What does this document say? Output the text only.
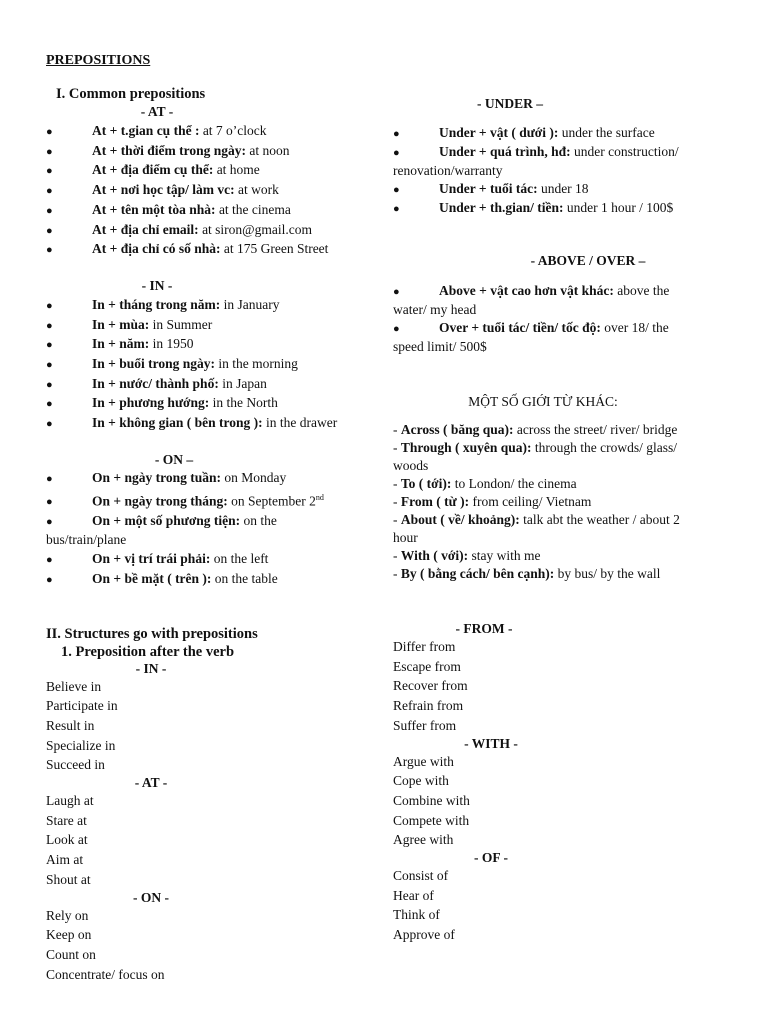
PREPOSITIONS
I. Common prepositions
- AT -
●	At + t.gian cụ thể : at 7 o’clock
●	At + thời điểm trong ngày: at noon
●	At + địa điểm cụ thể: at home
●	At + nơi học tập/ làm vc: at work
●	At + tên một tòa nhà: at the cinema
●	At + địa chỉ email: at siron@gmail.com
●	At + địa chỉ có số nhà: at 175 Green Street
- IN -
●	In + tháng trong năm: in January
●	In + mùa: in Summer
●	In + năm: in 1950
●	In + buổi trong ngày: in the morning
●	In + nước/ thành phố: in Japan
●	In + phương hướng: in the North
●	In + không gian ( bên trong ): in the drawer
- ON –
●	On + ngày trong tuần: on Monday
●	On + ngày trong tháng: on September 2nd
●	On + một số phương tiện: on the
bus/train/plane
●	On + vị trí trái phải: on the left
●	On + bề mặt ( trên ): on the table
II. Structures go with prepositions
1. Preposition after the verb
- IN -
Believe in
Participate in
Result in
Specialize in
Succeed in
- AT -
Laugh at
Stare at
Look at
Aim at
Shout at
- ON -
Rely on
Keep on
Count on
Concentrate/ focus on
- UNDER –
●	Under + vật ( dưới ): under the surface
●	Under + quá trình, hđ: under construction/
renovation/warranty
●	Under + tuổi tác: under 18
●	Under + th.gian/ tiền: under 1 hour / 100$
- ABOVE / OVER –
●	Above + vật cao hơn vật khác: above the
water/ my head
●	Over + tuổi tác/ tiền/ tốc độ: over 18/ the
speed limit/ 500$
MỘT SỐ GIỚI TỪ KHÁC:
- Across ( băng qua): across the street/ river/ bridge
- Through ( xuyên qua): through the crowds/ glass/
woods
- To ( tới): to London/ the cinema
- From ( từ ): from ceiling/ Vietnam
- About ( về/ khoảng): talk abt the weather / about 2
hour
- With ( với): stay with me
- By ( bằng cách/ bên cạnh): by bus/ by the wall
- FROM -
Differ from
Escape from
Recover from
Refrain from
Suffer from
- WITH -
Argue with
Cope with
Combine with
Compete with
Agree with
- OF -
Consist of
Hear of
Think of
Approve of
